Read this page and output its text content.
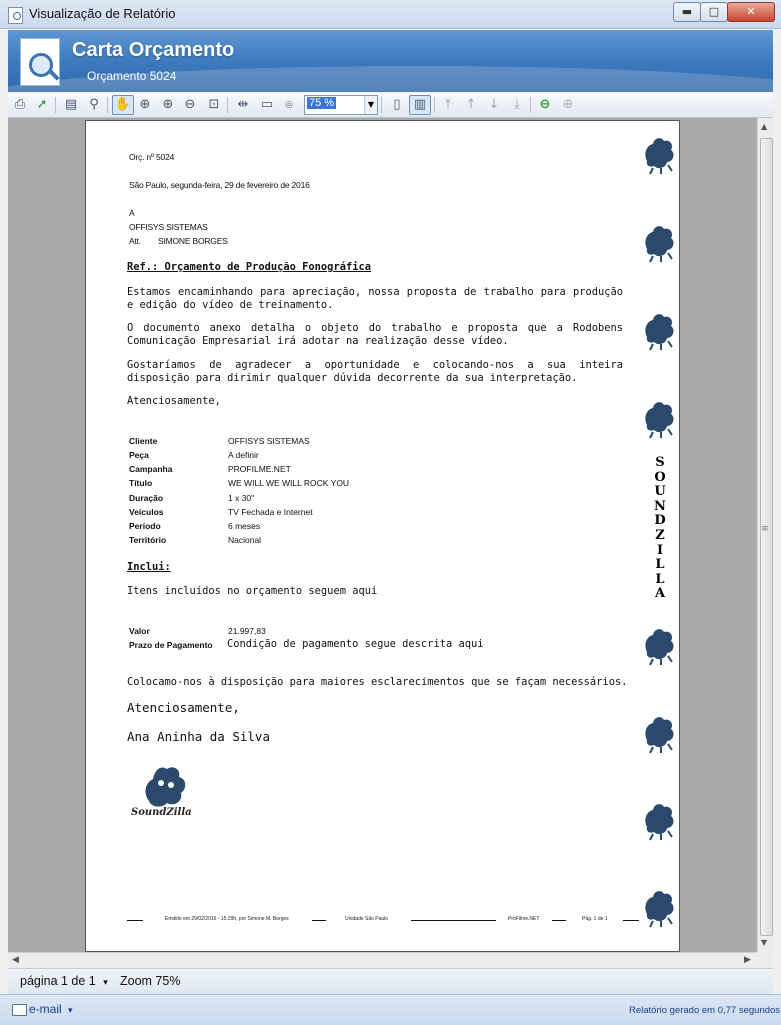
Visualização de Relatório	▬	□	✕
Carta Orçamento
Orçamento 5024
⎙ ➚ ▤ ⚲	✋ ⊕ ⊕ ⊖ ⊡ ⇹ ▭	◎	75 %	▼	▯	▥	⤒	↑ ↓	⤓	⊖ ⊕
▲
≡
▼
◀	▶
Orç. nº 5024
São Paulo, segunda-feira, 29 de fevereiro de 2016
A
OFFISYS SISTEMAS
Att. SIMONE BORGES
Ref.: Orçamento de Produção Fonográfica
Estamos encaminhando para apreciação, nossa proposta de trabalho para produção e edição do vídeo de treinamento.
O documento anexo detalha o objeto do trabalho e proposta que a Rodobens Comunicação Empresarial irá adotar na realização desse vídeo.
Gostaríamos de agradecer a oportunidade e colocando-nos a sua inteira disposição para dirimir qualquer dúvida decorrente da sua interpretação.
Atenciosamente,
Cliente	OFFISYS SISTEMAS
Peça	A definir
Campanha	PROFILME.NET
Título	WE WILL WE WILL ROCK YOU
Duração	1 x 30"
Veículos	TV Fechada e Internet
Período	6 meses
Território	Nacional
Inclui:
Itens incluídos no orçamento seguem aqui
Valor	21.997,83
Prazo de Pagamento Condição de pagamento segue descrita aqui
Colocamo-nos à disposição para maiores esclarecimentos que se façam necessários.
Atenciosamente,
Ana Aninha da Silva
SoundZilla
S
O
U
N
D
Z
I
L
L
A
Emitido em 29/02/2016 - 15:29h, por Simone M. Borges	Unidade São Paulo	ProFilme.NET	Pág. 1 de 1
página 1 de 1 ▾ Zoom 75%
e-mail ▾	Relatório gerado em 0,77 segundos
